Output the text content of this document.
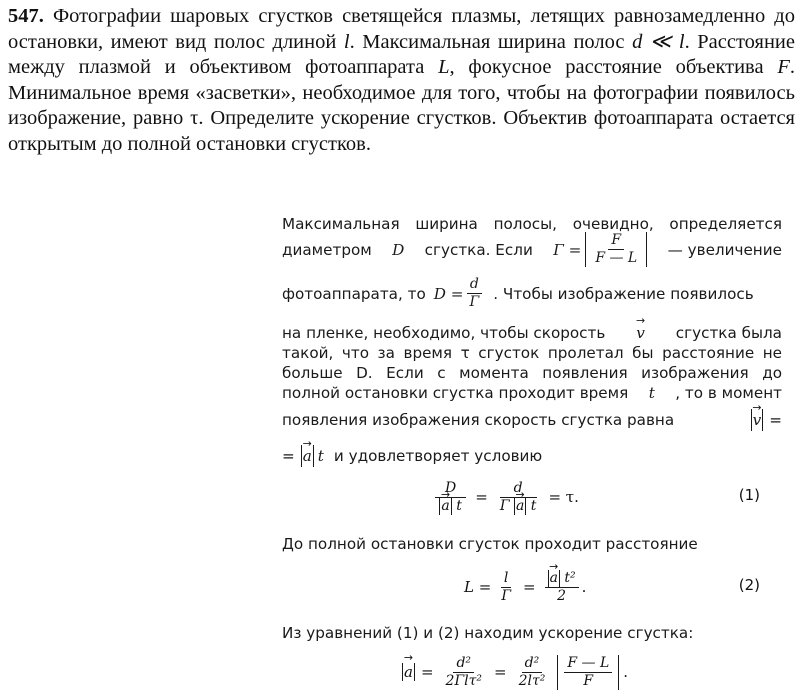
547. Фотографии шаровых сгустков светящейся плазмы, летящих равнозамедленно до остановки, имеют вид полос длиной l. Максимальная ширина полос d ≪ l. Расстояние между плазмой и объективом фотоаппарата L, фокусное расстояние объектива F. Минимальное время «засветки», необходимое для того, чтобы на фотографии появилось изображение, равно τ. Определите ускорение сгустков. Объектив фотоаппарата остается открытым до полной остановки сгустков.

Максимальная ширина полосы, очевидно, определяется
диаметром D сгустка. Если $\Gamma = \frac{F}{F — L}$ — увеличение
фотоаппарата, то $D = \frac{d}{\Gamma}$ . Чтобы изображение появилось
на пленке, необходимо, чтобы скорость → v сгустка была
такой, что за время τ сгусток пролетал бы расстояние не
больше D. Если с момента появления изображения до
полной остановки сгустка проходит время t , то в момент
появления изображения скорость сгустка равна	→ v =
= → a t и удовлетворяет условию
D
→ a $t = \frac{d}{\text{Γ → a t}} = \tau$.	(1)
До полной остановки сгусток проходит расстояние
$L = \frac{l}{\Gamma}$ = → $\frac{\text{a t²}}{2}$ .	(2)
Из уравнений (1) и (2) находим ускорение сгустка:
→ $a = \frac{\text{d²}}{\text{2Γlτ²}} = \frac{\text{d²}}{\text{2lτ²}} \frac{F — L}{F}$ .
